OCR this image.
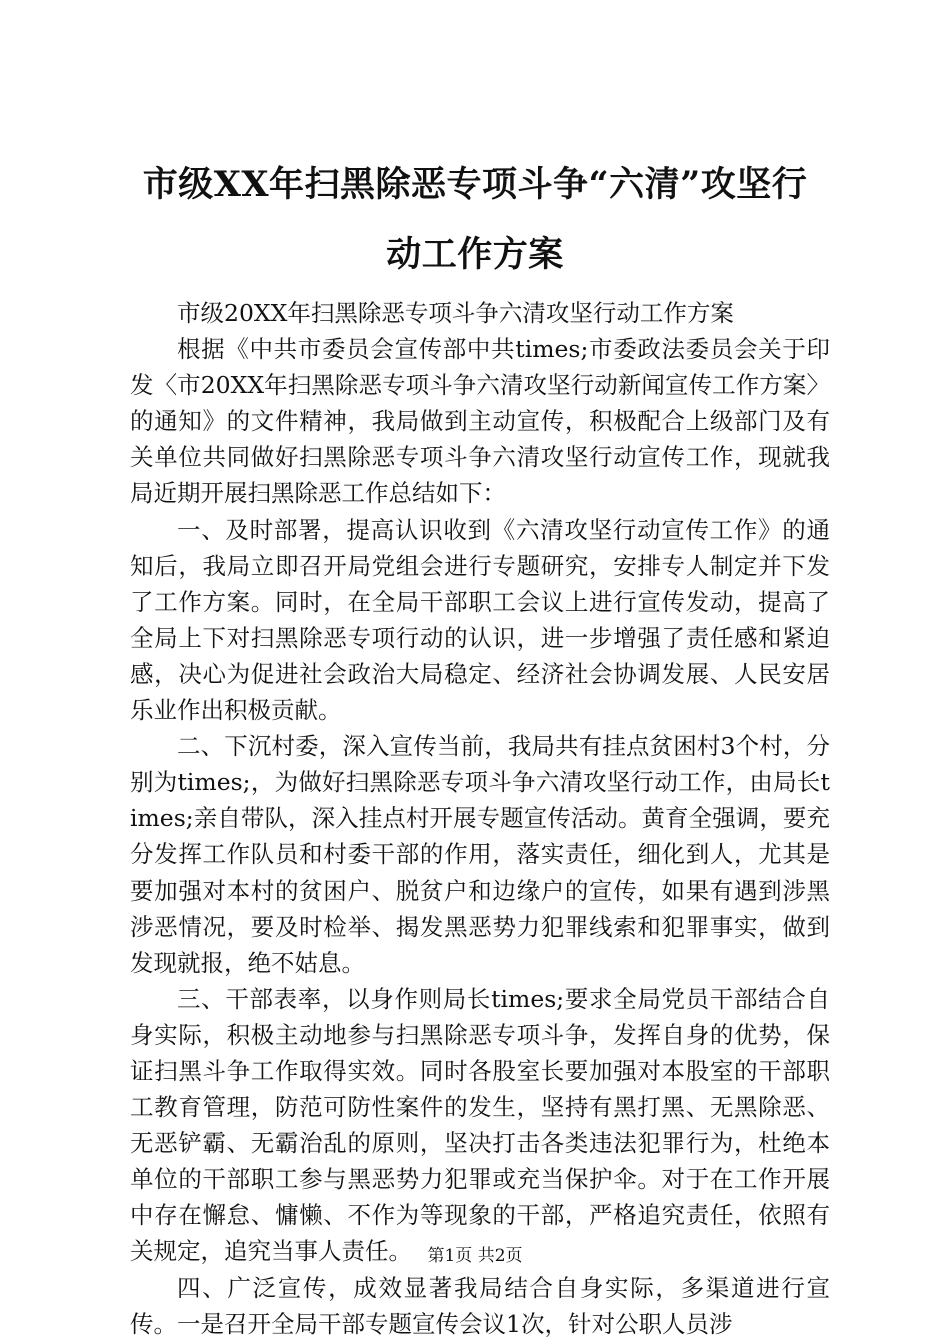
市级XX年扫黑除恶专项斗争“六清”攻坚行
动工作方案

市级20XX年扫黑除恶专项斗争六清攻坚行动工作方案

根据《中共市委员会宣传部中共times;市委政法委员会关于印发〈市20XX年扫黑除恶专项斗争六清攻坚行动新闻宣传工作方案〉的通知》的文件精神，我局做到主动宣传，积极配合上级部门及有关单位共同做好扫黑除恶专项斗争六清攻坚行动宣传工作，现就我局近期开展扫黑除恶工作总结如下：

一、及时部署，提高认识收到《六清攻坚行动宣传工作》的通知后，我局立即召开局党组会进行专题研究，安排专人制定并下发了工作方案。同时，在全局干部职工会议上进行宣传发动，提高了全局上下对扫黑除恶专项行动的认识，进一步增强了责任感和紧迫感，决心为促进社会政治大局稳定、经济社会协调发展、人民安居乐业作出积极贡献。

二、下沉村委，深入宣传当前，我局共有挂点贫困村3个村，分别为times;，为做好扫黑除恶专项斗争六清攻坚行动工作，由局长times;亲自带队，深入挂点村开展专题宣传活动。黄育全强调，要充分发挥工作队员和村委干部的作用，落实责任，细化到人，尤其是要加强对本村的贫困户、脱贫户和边缘户的宣传，如果有遇到涉黑涉恶情况，要及时检举、揭发黑恶势力犯罪线索和犯罪事实，做到发现就报，绝不姑息。

三、干部表率，以身作则局长times;要求全局党员干部结合自身实际，积极主动地参与扫黑除恶专项斗争，发挥自身的优势，保证扫黑斗争工作取得实效。同时各股室长要加强对本股室的干部职工教育管理，防范可防性案件的发生，坚持有黑打黑、无黑除恶、无恶铲霸、无霸治乱的原则，坚决打击各类违法犯罪行为，杜绝本单位的干部职工参与黑恶势力犯罪或充当保护伞。对于在工作开展中存在懈怠、慵懒、不作为等现象的干部，严格追究责任，依照有关规定，追究当事人责任。

四、广泛宣传，成效显著我局结合自身实际，多渠道进行宣传。一是召开全局干部专题宣传会议1次，针对公职人员涉

第1页 共2页
